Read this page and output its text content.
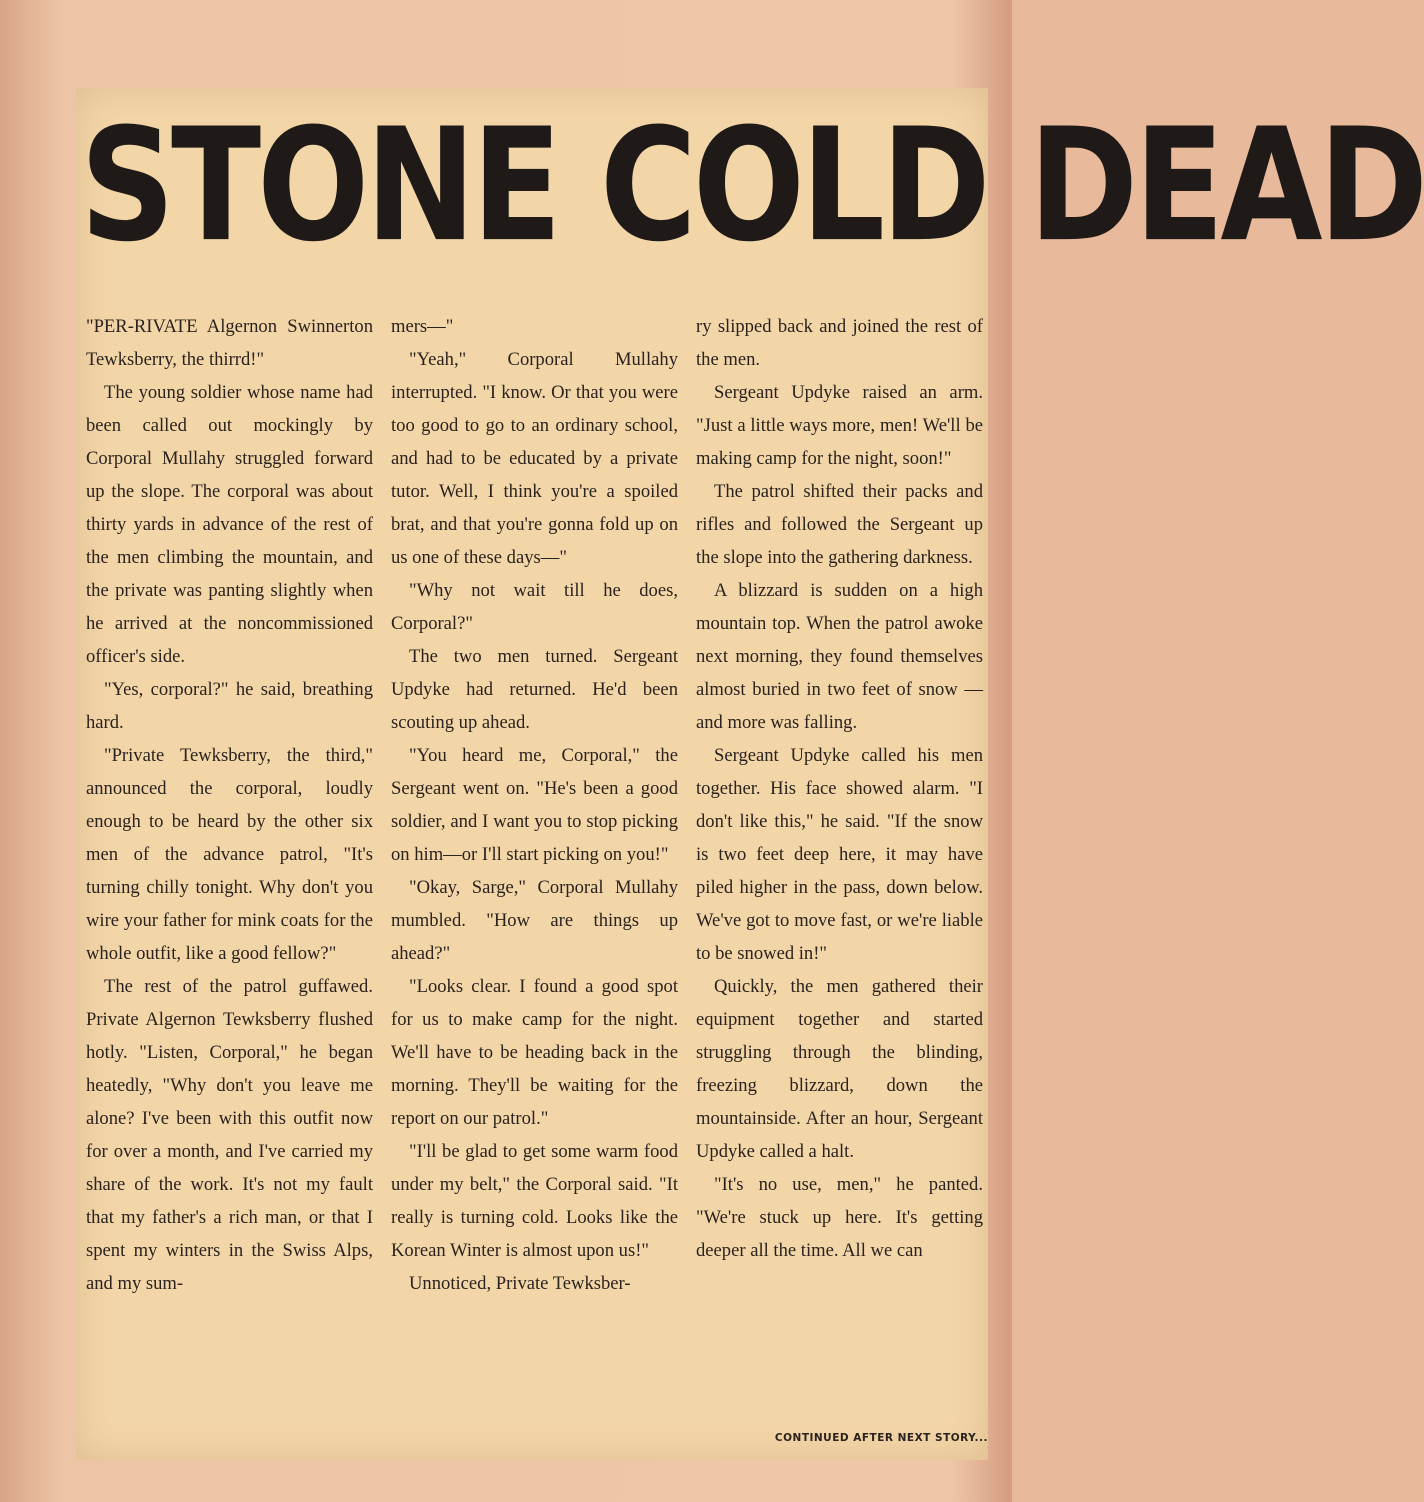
STONE COLD DEAD

"PER-RIVATE Algernon Swinnerton Tewksberry, the thirrd!"

The young soldier whose name had been called out mockingly by Corporal Mullahy struggled forward up the slope. The corporal was about thirty yards in advance of the rest of the men climbing the mountain, and the private was panting slightly when he arrived at the noncommissioned officer's side.

"Yes, corporal?" he said, breathing hard.

"Private Tewksberry, the third," announced the corporal, loudly enough to be heard by the other six men of the advance patrol, "It's turning chilly tonight. Why don't you wire your father for mink coats for the whole outfit, like a good fellow?"

The rest of the patrol guffawed. Private Algernon Tewksberry flushed hotly. "Listen, Corporal," he began heatedly, "Why don't you leave me alone? I've been with this outfit now for over a month, and I've carried my share of the work. It's not my fault that my father's a rich man, or that I spent my winters in the Swiss Alps, and my sum-

mers—"

"Yeah," Corporal Mullahy interrupted. "I know. Or that you were too good to go to an ordinary school, and had to be educated by a private tutor. Well, I think you're a spoiled brat, and that you're gonna fold up on us one of these days—"

"Why not wait till he does, Corporal?"

The two men turned. Sergeant Updyke had returned. He'd been scouting up ahead.

"You heard me, Corporal," the Sergeant went on. "He's been a good soldier, and I want you to stop picking on him—or I'll start picking on you!"

"Okay, Sarge," Corporal Mullahy mumbled. "How are things up ahead?"

"Looks clear. I found a good spot for us to make camp for the night. We'll have to be heading back in the morning. They'll be waiting for the report on our patrol."

"I'll be glad to get some warm food under my belt," the Corporal said. "It really is turning cold. Looks like the Korean Winter is almost upon us!"

Unnoticed, Private Tewksber-

ry slipped back and joined the rest of the men.

Sergeant Updyke raised an arm. "Just a little ways more, men! We'll be making camp for the night, soon!"

The patrol shifted their packs and rifles and followed the Sergeant up the slope into the gathering darkness.

A blizzard is sudden on a high mountain top. When the patrol awoke next morning, they found themselves almost buried in two feet of snow — and more was falling.

Sergeant Updyke called his men together. His face showed alarm. "I don't like this," he said. "If the snow is two feet deep here, it may have piled higher in the pass, down below. We've got to move fast, or we're liable to be snowed in!"

Quickly, the men gathered their equipment together and started struggling through the blinding, freezing blizzard, down the mountainside. After an hour, Sergeant Updyke called a halt.

"It's no use, men," he panted. "We're stuck up here. It's getting deeper all the time. All we can

CONTINUED AFTER NEXT STORY...
